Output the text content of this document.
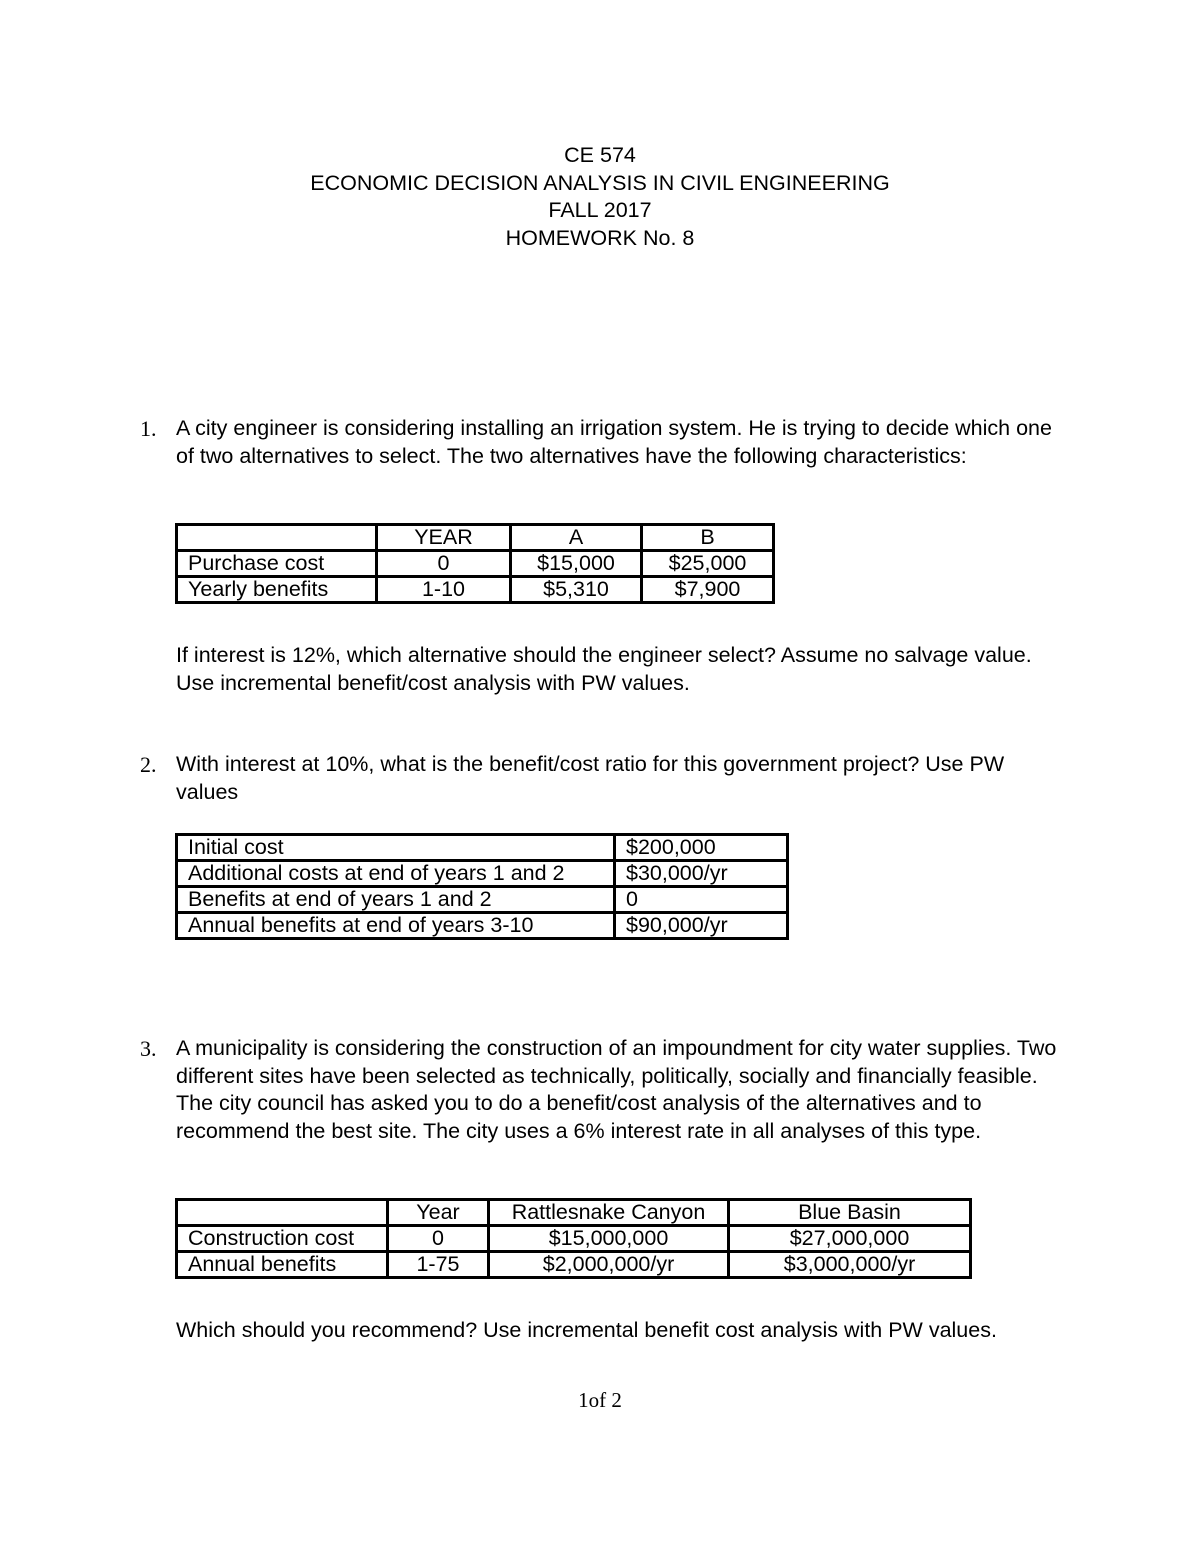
CE 574
ECONOMIC DECISION ANALYSIS IN CIVIL ENGINEERING
FALL 2017
HOMEWORK No. 8
1. A city engineer is considering installing an irrigation system. He is trying to decide which one of two alternatives to select. The two alternatives have the following characteristics:

	YEAR	A	B
Purchase cost	0	$15,000	$25,000
Yearly benefits	1-10	$5,310	$7,900

If interest is 12%, which alternative should the engineer select? Assume no salvage value. Use incremental benefit/cost analysis with PW values.

2. With interest at 10%, what is the benefit/cost ratio for this government project? Use PW values

Initial cost	$200,000
Additional costs at end of years 1 and 2	$30,000/yr
Benefits at end of years 1 and 2	0
Annual benefits at end of years 3-10	$90,000/yr
3. A municipality is considering the construction of an impoundment for city water supplies. Two different sites have been selected as technically, politically, socially and financially feasible. The city council has asked you to do a benefit/cost analysis of the alternatives and to recommend the best site. The city uses a 6% interest rate in all analyses of this type.

	Year	Rattlesnake Canyon	Blue Basin
Construction cost	0	$15,000,000	$27,000,000
Annual benefits	1-75	$2,000,000/yr	$3,000,000/yr

Which should you recommend? Use incremental benefit cost analysis with PW values.

1of 2
